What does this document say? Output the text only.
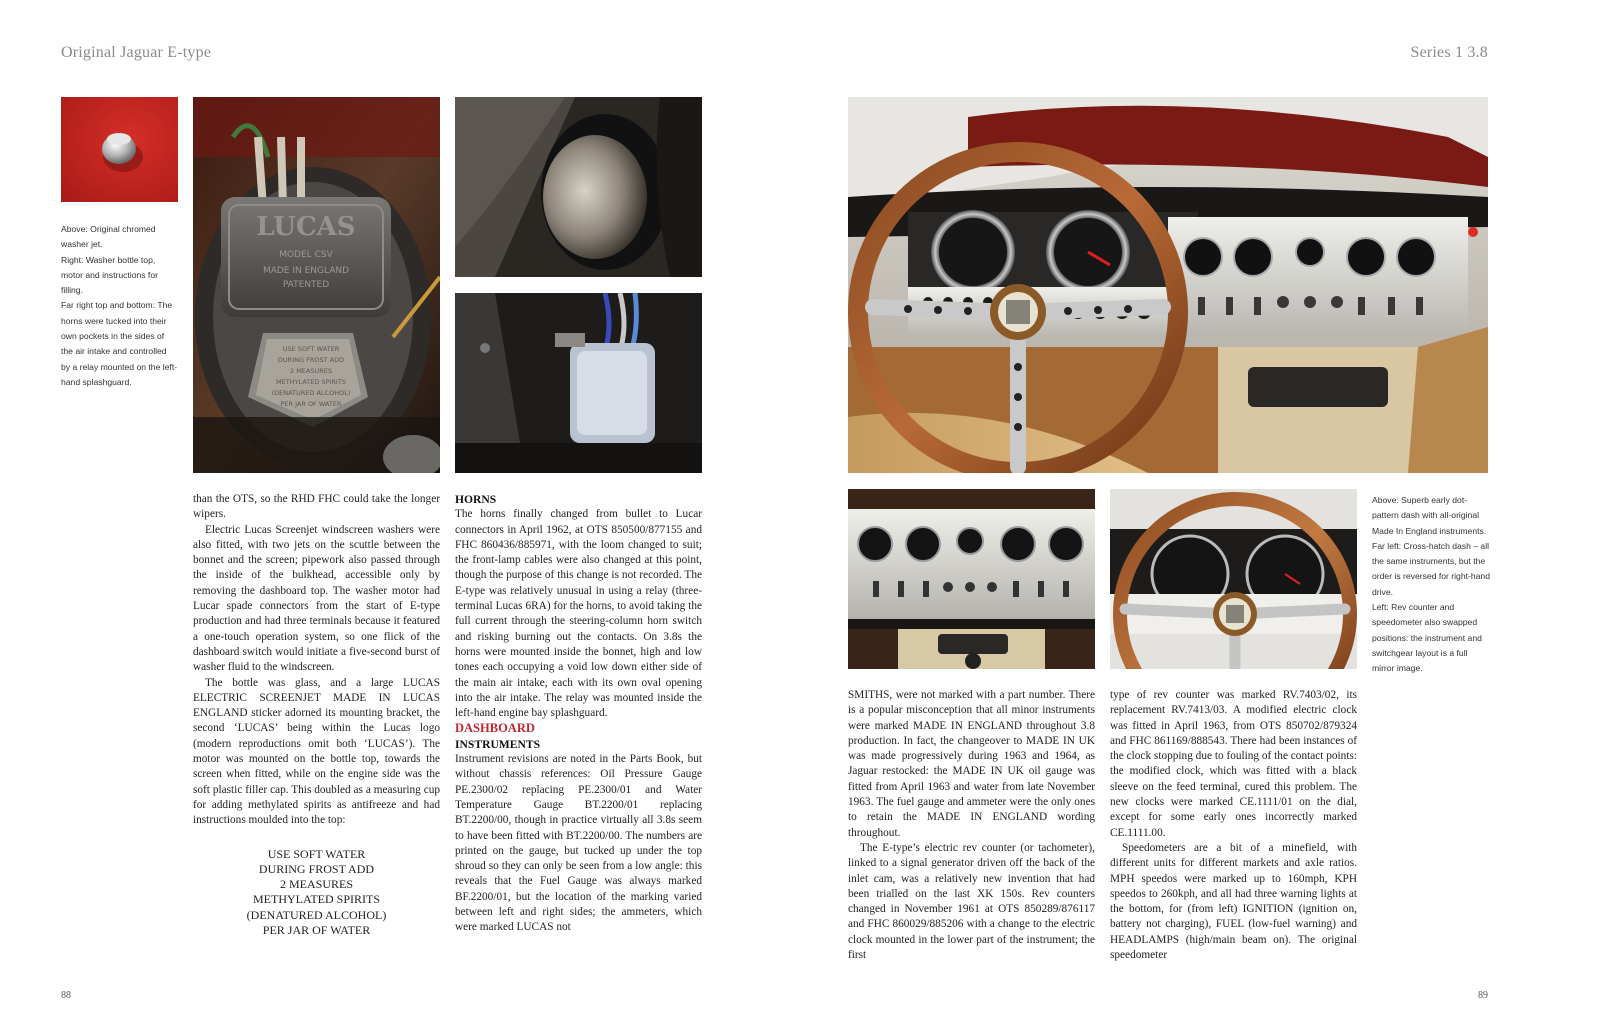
Original Jaguar E-type	Series 1 3.8

Above: Original chromed washer jet.

Right: Washer bottle top, motor and instructions for filling.

Far right top and bottom: The horns were tucked into their own pockets in the sides of the air intake and controlled by a relay mounted on the left-hand splashguard.

LUCAS
MODEL CSV
MADE IN ENGLAND
PATENTED
USE SOFT WATER
DURING FROST ADD
2 MEASURES
METHYLATED SPIRITS
(DENATURED ALCOHOL)
PER JAR OF WATER

than the OTS, so the RHD FHC could take the longer wipers.

Electric Lucas Screenjet windscreen washers were also fitted, with two jets on the scuttle between the bonnet and the screen; pipework also passed through the inside of the bulkhead, accessible only by removing the dashboard top. The washer motor had Lucar spade connectors from the start of E-type production and had three terminals because it featured a one-touch operation system, so one flick of the dashboard switch would initiate a five-second burst of washer fluid to the windscreen.

The bottle was glass, and a large LUCAS ELECTRIC SCREENJET MADE IN LUCAS ENGLAND sticker adorned its mounting bracket, the second ‘LUCAS’ being within the Lucas logo (modern reproductions omit both ‘LUCAS’). The motor was mounted on the bottle top, towards the screen when fitted, while on the engine side was the soft plastic filler cap. This doubled as a measuring cup for adding methylated spirits as antifreeze and had instructions moulded into the top:

USE SOFT WATER
DURING FROST ADD
2 MEASURES
METHYLATED SPIRITS
(DENATURED ALCOHOL)
PER JAR OF WATER

HORNS

The horns finally changed from bullet to Lucar connectors in April 1962, at OTS 850500/877155 and FHC 860436/885971, with the loom changed to suit; the front-lamp cables were also changed at this point, though the purpose of this change is not recorded. The E-type was relatively unusual in using a relay (three-terminal Lucas 6RA) for the horns, to avoid taking the full current through the steering-column horn switch and risking burning out the contacts. On 3.8s the horns were mounted inside the bonnet, high and low tones each occupying a void low down either side of the main air intake, each with its own oval opening into the air intake. The relay was mounted inside the left-hand engine bay splashguard.

DASHBOARD

INSTRUMENTS

Instrument revisions are noted in the Parts Book, but without chassis references: Oil Pressure Gauge PE.2300/02 replacing PE.2300/01 and Water Temperature Gauge BT.2200/01 replacing BT.2200/00, though in practice virtually all 3.8s seem to have been fitted with BT.2200/00. The numbers are printed on the gauge, but tucked up under the top shroud so they can only be seen from a low angle: this reveals that the Fuel Gauge was always marked BF.2200/01, but the location of the marking varied between left and right sides; the ammeters, which were marked LUCAS not

Above: Superb early dot-pattern dash with all-original Made In England instruments.

Far left: Cross-hatch dash – all the same instruments, but the order is reversed for right-hand drive.

Left: Rev counter and speedometer also swapped positions: the instrument and switchgear layout is a full mirror image.

SMITHS, were not marked with a part number. There is a popular misconception that all minor instruments were marked MADE IN ENGLAND throughout 3.8 production. In fact, the changeover to MADE IN UK was made progressively during 1963 and 1964, as Jaguar restocked: the MADE IN UK oil gauge was fitted from April 1963 and water from late November 1963. The fuel gauge and ammeter were the only ones to retain the MADE IN ENGLAND wording throughout.

The E-type’s electric rev counter (or tachometer), linked to a signal generator driven off the back of the inlet cam, was a relatively new invention that had been trialled on the last XK 150s. Rev counters changed in November 1961 at OTS 850289/876117 and FHC 860029/885206 with a change to the electric clock mounted in the lower part of the instrument; the first

type of rev counter was marked RV.7403/02, its replacement RV.7413/03. A modified electric clock was fitted in April 1963, from OTS 850702/879324 and FHC 861169/888543. There had been instances of the clock stopping due to fouling of the contact points: the modified clock, which was fitted with a black sleeve on the feed terminal, cured this problem. The new clocks were marked CE.1111/01 on the dial, except for some early ones incorrectly marked CE.1111.00.

Speedometers are a bit of a minefield, with different units for different markets and axle ratios. MPH speedos were marked up to 160mph, KPH speedos to 260kph, and all had three warning lights at the bottom, for (from left) IGNITION (ignition on, battery not charging), FUEL (low-fuel warning) and HEADLAMPS (high/main beam on). The original speedometer

88	89
